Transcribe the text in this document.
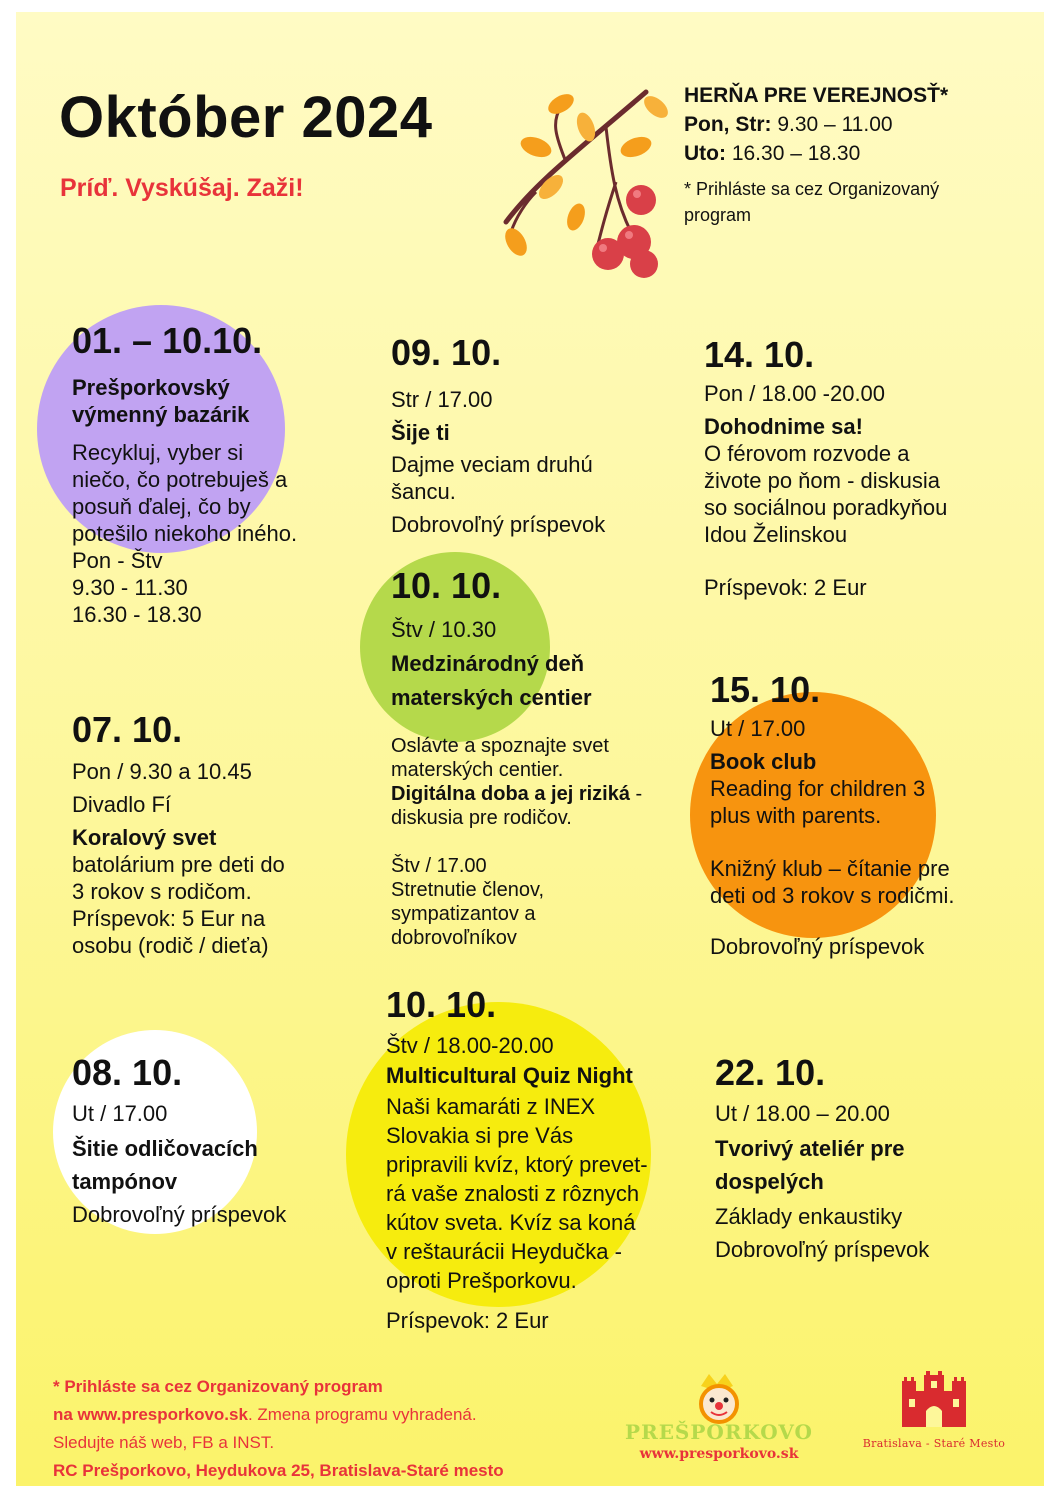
Október 2024
Príď. Vyskúšaj. Zaži!
HERŇA PRE VEREJNOSŤ*
Pon, Str: 9.30 – 11.00
Uto: 16.30 – 18.30
* Prihláste sa cez Organizovaný
program
01. – 10.10.
Prešporkovský
výmenný bazárik
Recykluj, vyber si
niečo, čo potrebuješ a
posuň ďalej, čo by
potešilo niekoho iného.
Pon - Štv
9.30 - 11.30
16.30 - 18.30
09. 10.
Str / 17.00
Šije ti
Dajme veciam druhú
šancu.
Dobrovoľný príspevok
14. 10.
Pon / 18.00 -20.00
Dohodnime sa!
O férovom rozvode a
živote po ňom - diskusia
so sociálnou poradkyňou
Idou Želinskou
Príspevok: 2 Eur
10. 10.
Štv / 10.30
Medzinárodný deň
materských centier
Oslávte a spoznajte svet
materských centier.
Digitálna doba a jej riziká -
diskusia pre rodičov.
Štv / 17.00
Stretnutie členov,
sympatizantov a
dobrovoľníkov
07. 10.
Pon / 9.30 a 10.45
Divadlo Fí
Koralový svet
batolárium pre deti do
3 rokov s rodičom.
Príspevok: 5 Eur na
osobu (rodič / dieťa)
15. 10.
Ut / 17.00
Book club
Reading for children 3
plus with parents.
Knižný klub – čítanie pre
deti od 3 rokov s rodičmi.
Dobrovoľný príspevok
08. 10.
Ut / 17.00
Šitie odličovacích
tampónov
Dobrovoľný príspevok
10. 10.
Štv / 18.00-20.00
Multicultural Quiz Night
Naši kamaráti z INEX
Slovakia si pre Vás
pripravili kvíz, ktorý prevet-
rá vaše znalosti z rôznych
kútov sveta. Kvíz sa koná
v reštaurácii Heydučka -
oproti Prešporkovu.
Príspevok: 2 Eur
22. 10.
Ut / 18.00 – 20.00
Tvorivý ateliér pre
dospelých
Základy enkaustiky
Dobrovoľný príspevok
* Prihláste sa cez Organizovaný program
na www.presporkovo.sk. Zmena programu vyhradená.
Sledujte náš web, FB a INST.
RC Prešporkovo, Heydukova 25, Bratislava-Staré mesto
PREŠPORKOVO
www.presporkovo.sk
Bratislava - Staré Mesto
